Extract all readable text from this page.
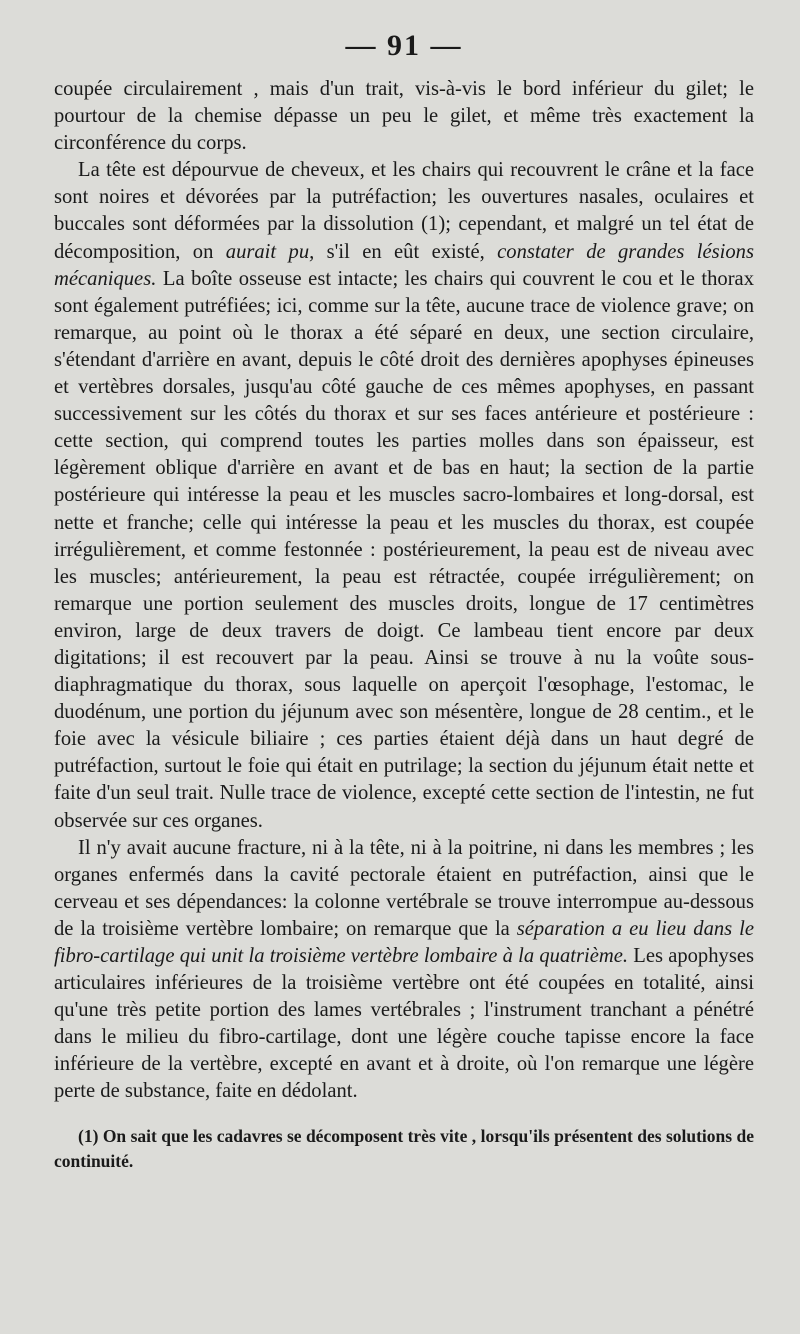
— 91 —

coupée circulairement , mais d'un trait, vis-à-vis le bord inférieur du gilet; le pourtour de la chemise dépasse un peu le gilet, et même très exactement la circonférence du corps.

La tête est dépourvue de cheveux, et les chairs qui recouvrent le crâne et la face sont noires et dévorées par la putréfaction; les ouvertures nasales, oculaires et buccales sont déformées par la dissolution (1); cependant, et malgré un tel état de décomposition, on aurait pu, s'il en eût existé, constater de grandes lésions mécaniques. La boîte osseuse est intacte; les chairs qui couvrent le cou et le thorax sont également putréfiées; ici, comme sur la tête, aucune trace de violence grave; on remarque, au point où le thorax a été séparé en deux, une section circulaire, s'étendant d'arrière en avant, depuis le côté droit des dernières apophyses épineuses et vertèbres dorsales, jusqu'au côté gauche de ces mêmes apophyses, en passant successivement sur les côtés du thorax et sur ses faces antérieure et postérieure : cette section, qui comprend toutes les parties molles dans son épaisseur, est légèrement oblique d'arrière en avant et de bas en haut; la section de la partie postérieure qui intéresse la peau et les muscles sacro-lombaires et long-dorsal, est nette et franche; celle qui intéresse la peau et les muscles du thorax, est coupée irrégulièrement, et comme festonnée : postérieurement, la peau est de niveau avec les muscles; antérieurement, la peau est rétractée, coupée irrégulièrement; on remarque une portion seulement des muscles droits, longue de 17 centimètres environ, large de deux travers de doigt. Ce lambeau tient encore par deux digitations; il est recouvert par la peau. Ainsi se trouve à nu la voûte sous-diaphragmatique du thorax, sous laquelle on aperçoit l'œsophage, l'estomac, le duodénum, une portion du jéjunum avec son mésentère, longue de 28 centim., et le foie avec la vésicule biliaire ; ces parties étaient déjà dans un haut degré de putréfaction, surtout le foie qui était en putrilage; la section du jéjunum était nette et faite d'un seul trait. Nulle trace de violence, excepté cette section de l'intestin, ne fut observée sur ces organes.

Il n'y avait aucune fracture, ni à la tête, ni à la poitrine, ni dans les membres ; les organes enfermés dans la cavité pectorale étaient en putréfaction, ainsi que le cerveau et ses dépendances: la colonne vertébrale se trouve interrompue au-dessous de la troisième vertèbre lombaire; on remarque que la séparation a eu lieu dans le fibro-cartilage qui unit la troisième vertèbre lombaire à la quatrième. Les apophyses articulaires inférieures de la troisième vertèbre ont été coupées en totalité, ainsi qu'une très petite portion des lames vertébrales ; l'instrument tranchant a pénétré dans le milieu du fibro-cartilage, dont une légère couche tapisse encore la face inférieure de la vertèbre, excepté en avant et à droite, où l'on remarque une légère perte de substance, faite en dédolant.

(1) On sait que les cadavres se décomposent très vite , lorsqu'ils présentent des solutions de continuité.
